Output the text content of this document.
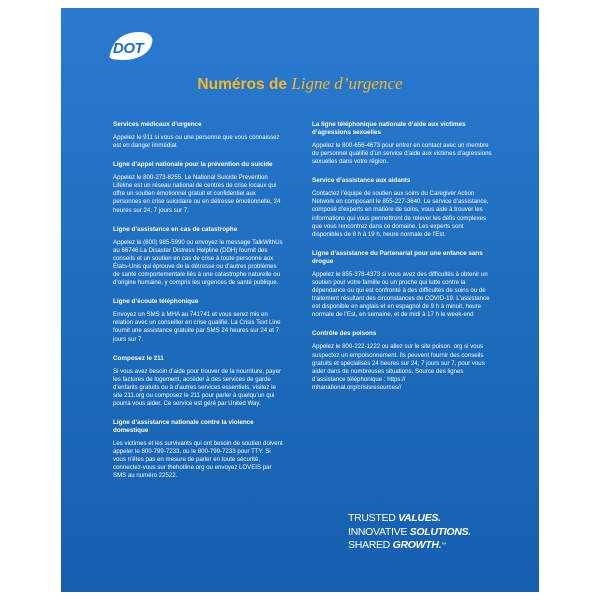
DOT
Numéros de Ligne d’urgence
Services médicaux d’urgence

Appelez le 911 si vous ou une personne que vous connaissez est en danger immédiat

Ligne d’appel nationale pour la prévention du suicide

Appelez le 800-273-8255. Le National Suicide Prevention Lifeline est un réseau national de centres de crise locaux qui offre un soutien émotionnel gratuit et confidentiel aux personnes en crise suicidaire ou en détresse émotionnelle, 24 heures sur 24, 7 jours sur 7.

Ligne d’assistance en cas de catastrophe

Appelez le (800) 985-5990 ou envoyez le message TalkWithUs au 66746.La Disaster Distress Helpline (DDH) fournit des conseils et un soutien en cas de crise à toute personne aux États-Unis qui éprouve de la détresse ou d’autres problèmes de santé comportementale liés à une catastrophe naturelle ou d’origine humaine, y compris les urgences de santé publique.

Ligne d’écoute téléphonique

Envoyez un SMS à MHA au 741741 et vous serez mis en relation avec un conseiller en crise qualifié. La Crisis Text Line fournit une assistance gratuite par SMS 24 heures sur 24 et 7 jours sur 7.

Composez le 211

Si vous avez besoin d’aide pour trouver de la nourriture, payer les factures de logement, accéder à des services de garde d’enfants gratuits ou à d’autres services essentiels, visitez le site 211.org ou composez le 211 pour parler à quelqu’un qui pourra vous aider. Ce service est géré par United Way.

Ligne d’assistance nationale contre la violence domestique

Les victimes et les survivants qui ont besoin de soutien doivent appeler le 800-799-7233, ou le 800-799-7233 pour TTY. Si vous n’êtes pas en mesure de parler en toute sécurité, connectez-vous sur thehotline.org ou envoyez LOVEIS par SMS au numéro 22522.

La ligne téléphonique nationale d’aide aux victimes d’agressions sexuelles

Appelez le 800-656-4673 pour entrer en contact avec un membre du personnel qualifié d’un service d’aide aux victimes d’agressions sexuelles dans votre région..

Service d’assistance aux aidants

Contactez l’équipe de soutien aux soins du Caregiver Action Network en composant le 855-227-3640. Le service d’assistance, composé d’experts en matière de soins, vous aide à trouver les informations qui vous permettront de relever les défis complexes que vous rencontrez dans ce domaine. Les experts sont disponibles de 8 h à 19 h, heure normale de l’Est.

Ligne d’assistance du Partenariat pour une enfance sans drogue

Appelez le 855-378-4373 si vous avez des difficultés à obtenir un soutien pour votre famille ou un proche qui lutte contre la dépendance ou qui est confronté à des difficultés de soins ou de traitement résultant des circonstances de COVID-19. L’assistance est disponible en anglais et en espagnol de 9 h à minuit, heure normale de l’Est, en semaine, et de midi à 17 h le week-end

Contrôle des poisons

Appelez le 800-222-1222 ou allez sur le site poison. org si vous suspectez un empoisonnement. Ils peuvent fournir des conseils gratuits et spécialisés 24 heures sur 24, 7 jours sur 7, pour vous aider dans de nombreuses situations. Source des lignes d’assistance téléphonique : https:// mhanational.org/crisisresources//

TRUSTED VALUES.
INNOVATIVE SOLUTIONS.
SHARED GROWTH.™
